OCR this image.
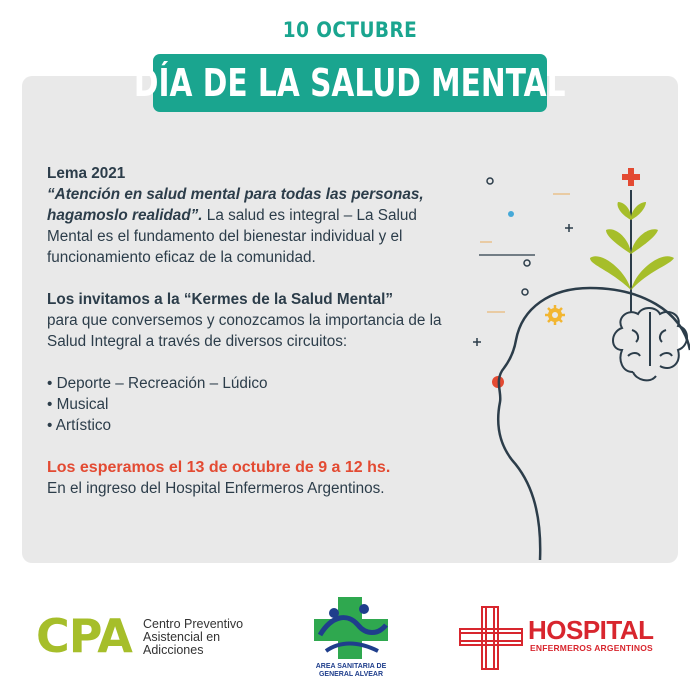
10 OCTUBRE
DÍA DE LA SALUD MENTAL

Lema 2021

“Atención en salud mental para todas las personas, hagamoslo realidad”. La salud es integral – La Salud Mental es el fundamento del bienestar individual y el funcionamiento eficaz de la comunidad.

Los invitamos a la “Kermes de la Salud Mental”

para que conversemos y conozcamos la importancia de la Salud Integral a través de diversos circuitos:

• Deporte – Recreación – Lúdico
• Musical
• Artístico

Los esperamos el 13 de octubre de 9 a 12 hs.

En el ingreso del Hospital Enfermeros Argentinos.

CPA Centro Preventivo
Asistencial en
Adicciones
AREA SANITARIA DE
GENERAL ALVEAR
HOSPITAL
ENFERMEROS ARGENTINOS
